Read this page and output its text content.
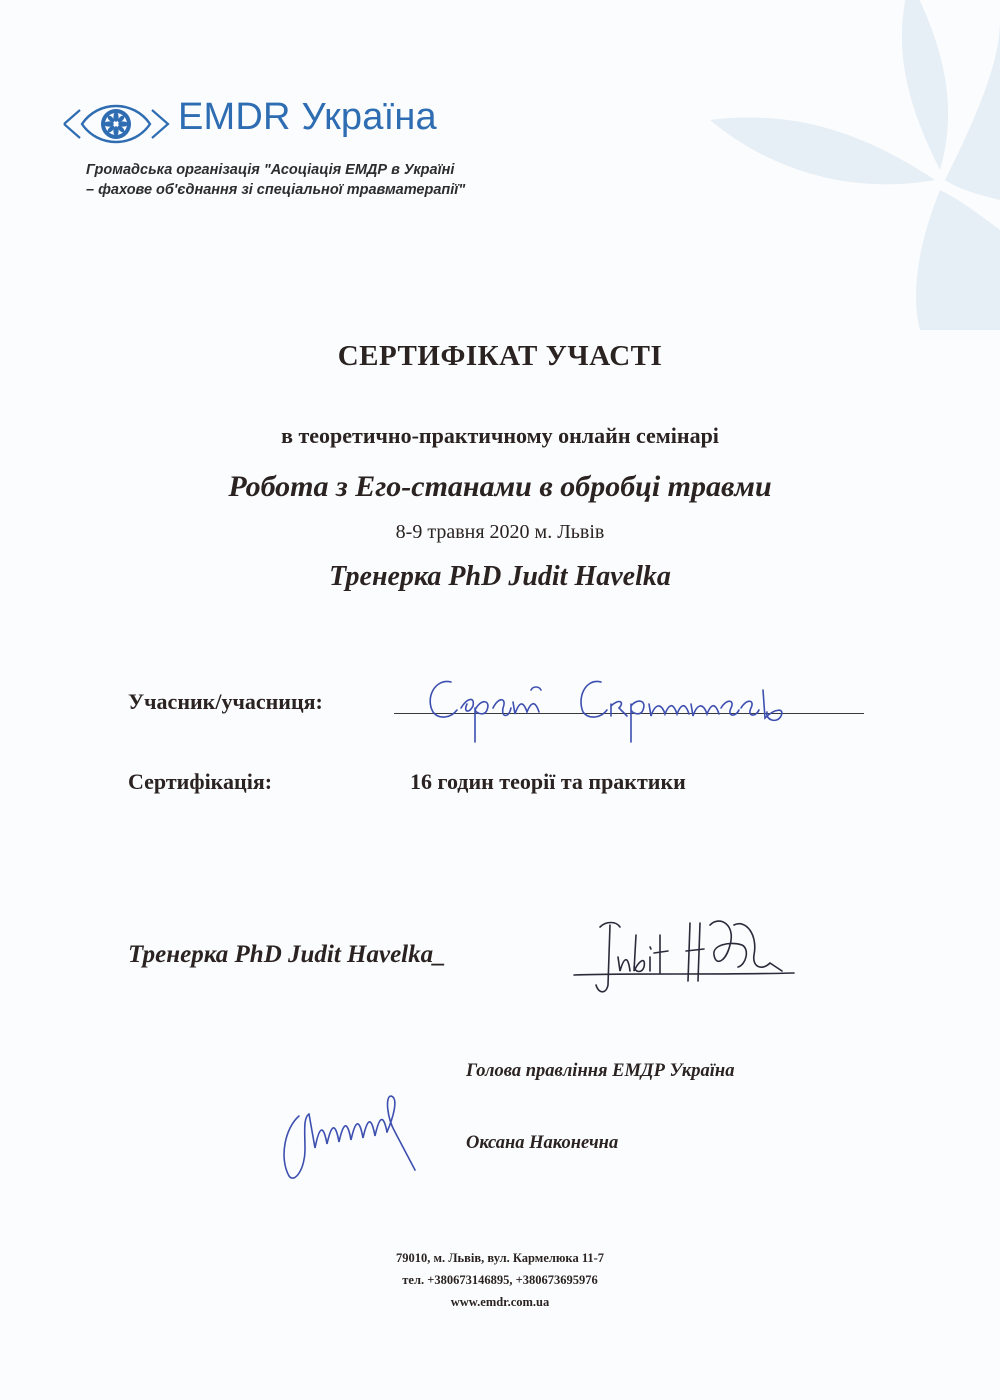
EMDR Україна
Громадська організація "Асоціація ЕМДР в Україні
– фахове об'єднання зі спеціальної травматерапії"
СЕРТИФІКАТ УЧАСТІ
в теоретично-практичному онлайн семінарі
Робота з Его-станами в обробці травми
8-9 травня 2020 м. Львів
Тренерка PhD Judit Havelka
Учасник/учасниця:
Сертифікація:	16 годин теорії та практики
Тренерка PhD Judit Havelka_
Голова правління ЕМДР Україна
Оксана Наконечна
79010, м. Львів, вул. Кармелюка 11-7
тел. +380673146895, +380673695976
www.emdr.com.ua
